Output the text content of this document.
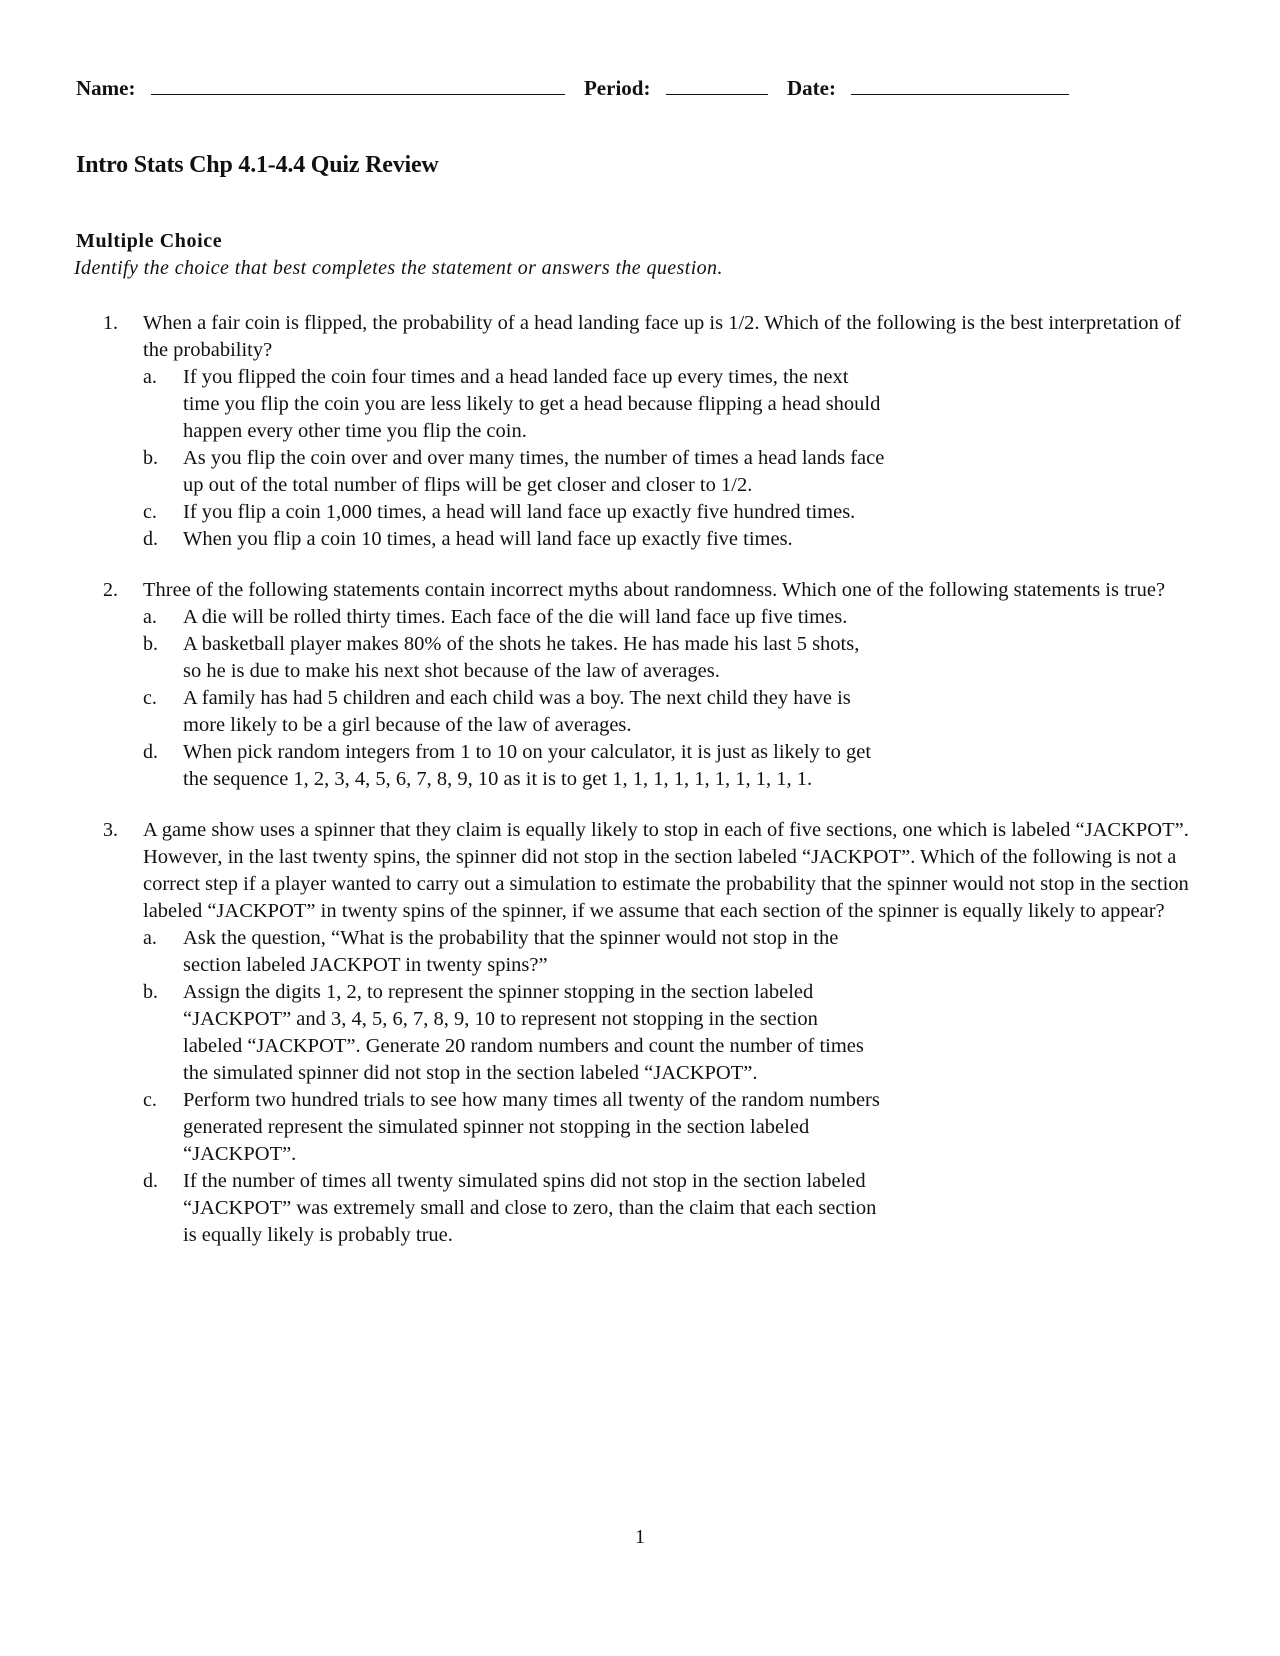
Name:	Period:	Date:
Intro Stats Chp 4.1-4.4 Quiz Review
Multiple Choice
Identify the choice that best completes the statement or answers the question.
1. When a fair coin is flipped, the probability of a head landing face up is 1/2. Which of the following is the best interpretation of the probability?
a. If you flipped the coin four times and a head landed face up every times, the next
time you flip the coin you are less likely to get a head because flipping a head should
happen every other time you flip the coin.
b. As you flip the coin over and over many times, the number of times a head lands face
up out of the total number of flips will be get closer and closer to 1/2.
c. If you flip a coin 1,000 times, a head will land face up exactly five hundred times.
d. When you flip a coin 10 times, a head will land face up exactly five times.
2. Three of the following statements contain incorrect myths about randomness. Which one of the following statements is true?
a. A die will be rolled thirty times. Each face of the die will land face up five times.
b. A basketball player makes 80% of the shots he takes. He has made his last 5 shots,
so he is due to make his next shot because of the law of averages.
c. A family has had 5 children and each child was a boy. The next child they have is
more likely to be a girl because of the law of averages.
d. When pick random integers from 1 to 10 on your calculator, it is just as likely to get
the sequence 1, 2, 3, 4, 5, 6, 7, 8, 9, 10 as it is to get 1, 1, 1, 1, 1, 1, 1, 1, 1, 1.
3. A game show uses a spinner that they claim is equally likely to stop in each of five sections, one which is labeled “JACKPOT”. However, in the last twenty spins, the spinner did not stop in the section labeled “JACKPOT”. Which of the following is not a correct step if a player wanted to carry out a simulation to estimate the probability that the spinner would not stop in the section labeled “JACKPOT” in twenty spins of the spinner, if we assume that each section of the spinner is equally likely to appear?
a. Ask the question, “What is the probability that the spinner would not stop in the
section labeled JACKPOT in twenty spins?”
b. Assign the digits 1, 2, to represent the spinner stopping in the section labeled
“JACKPOT” and 3, 4, 5, 6, 7, 8, 9, 10 to represent not stopping in the section
labeled “JACKPOT”. Generate 20 random numbers and count the number of times
the simulated spinner did not stop in the section labeled “JACKPOT”.
c. Perform two hundred trials to see how many times all twenty of the random numbers
generated represent the simulated spinner not stopping in the section labeled
“JACKPOT”.
d. If the number of times all twenty simulated spins did not stop in the section labeled
“JACKPOT” was extremely small and close to zero, than the claim that each section
is equally likely is probably true.
1
